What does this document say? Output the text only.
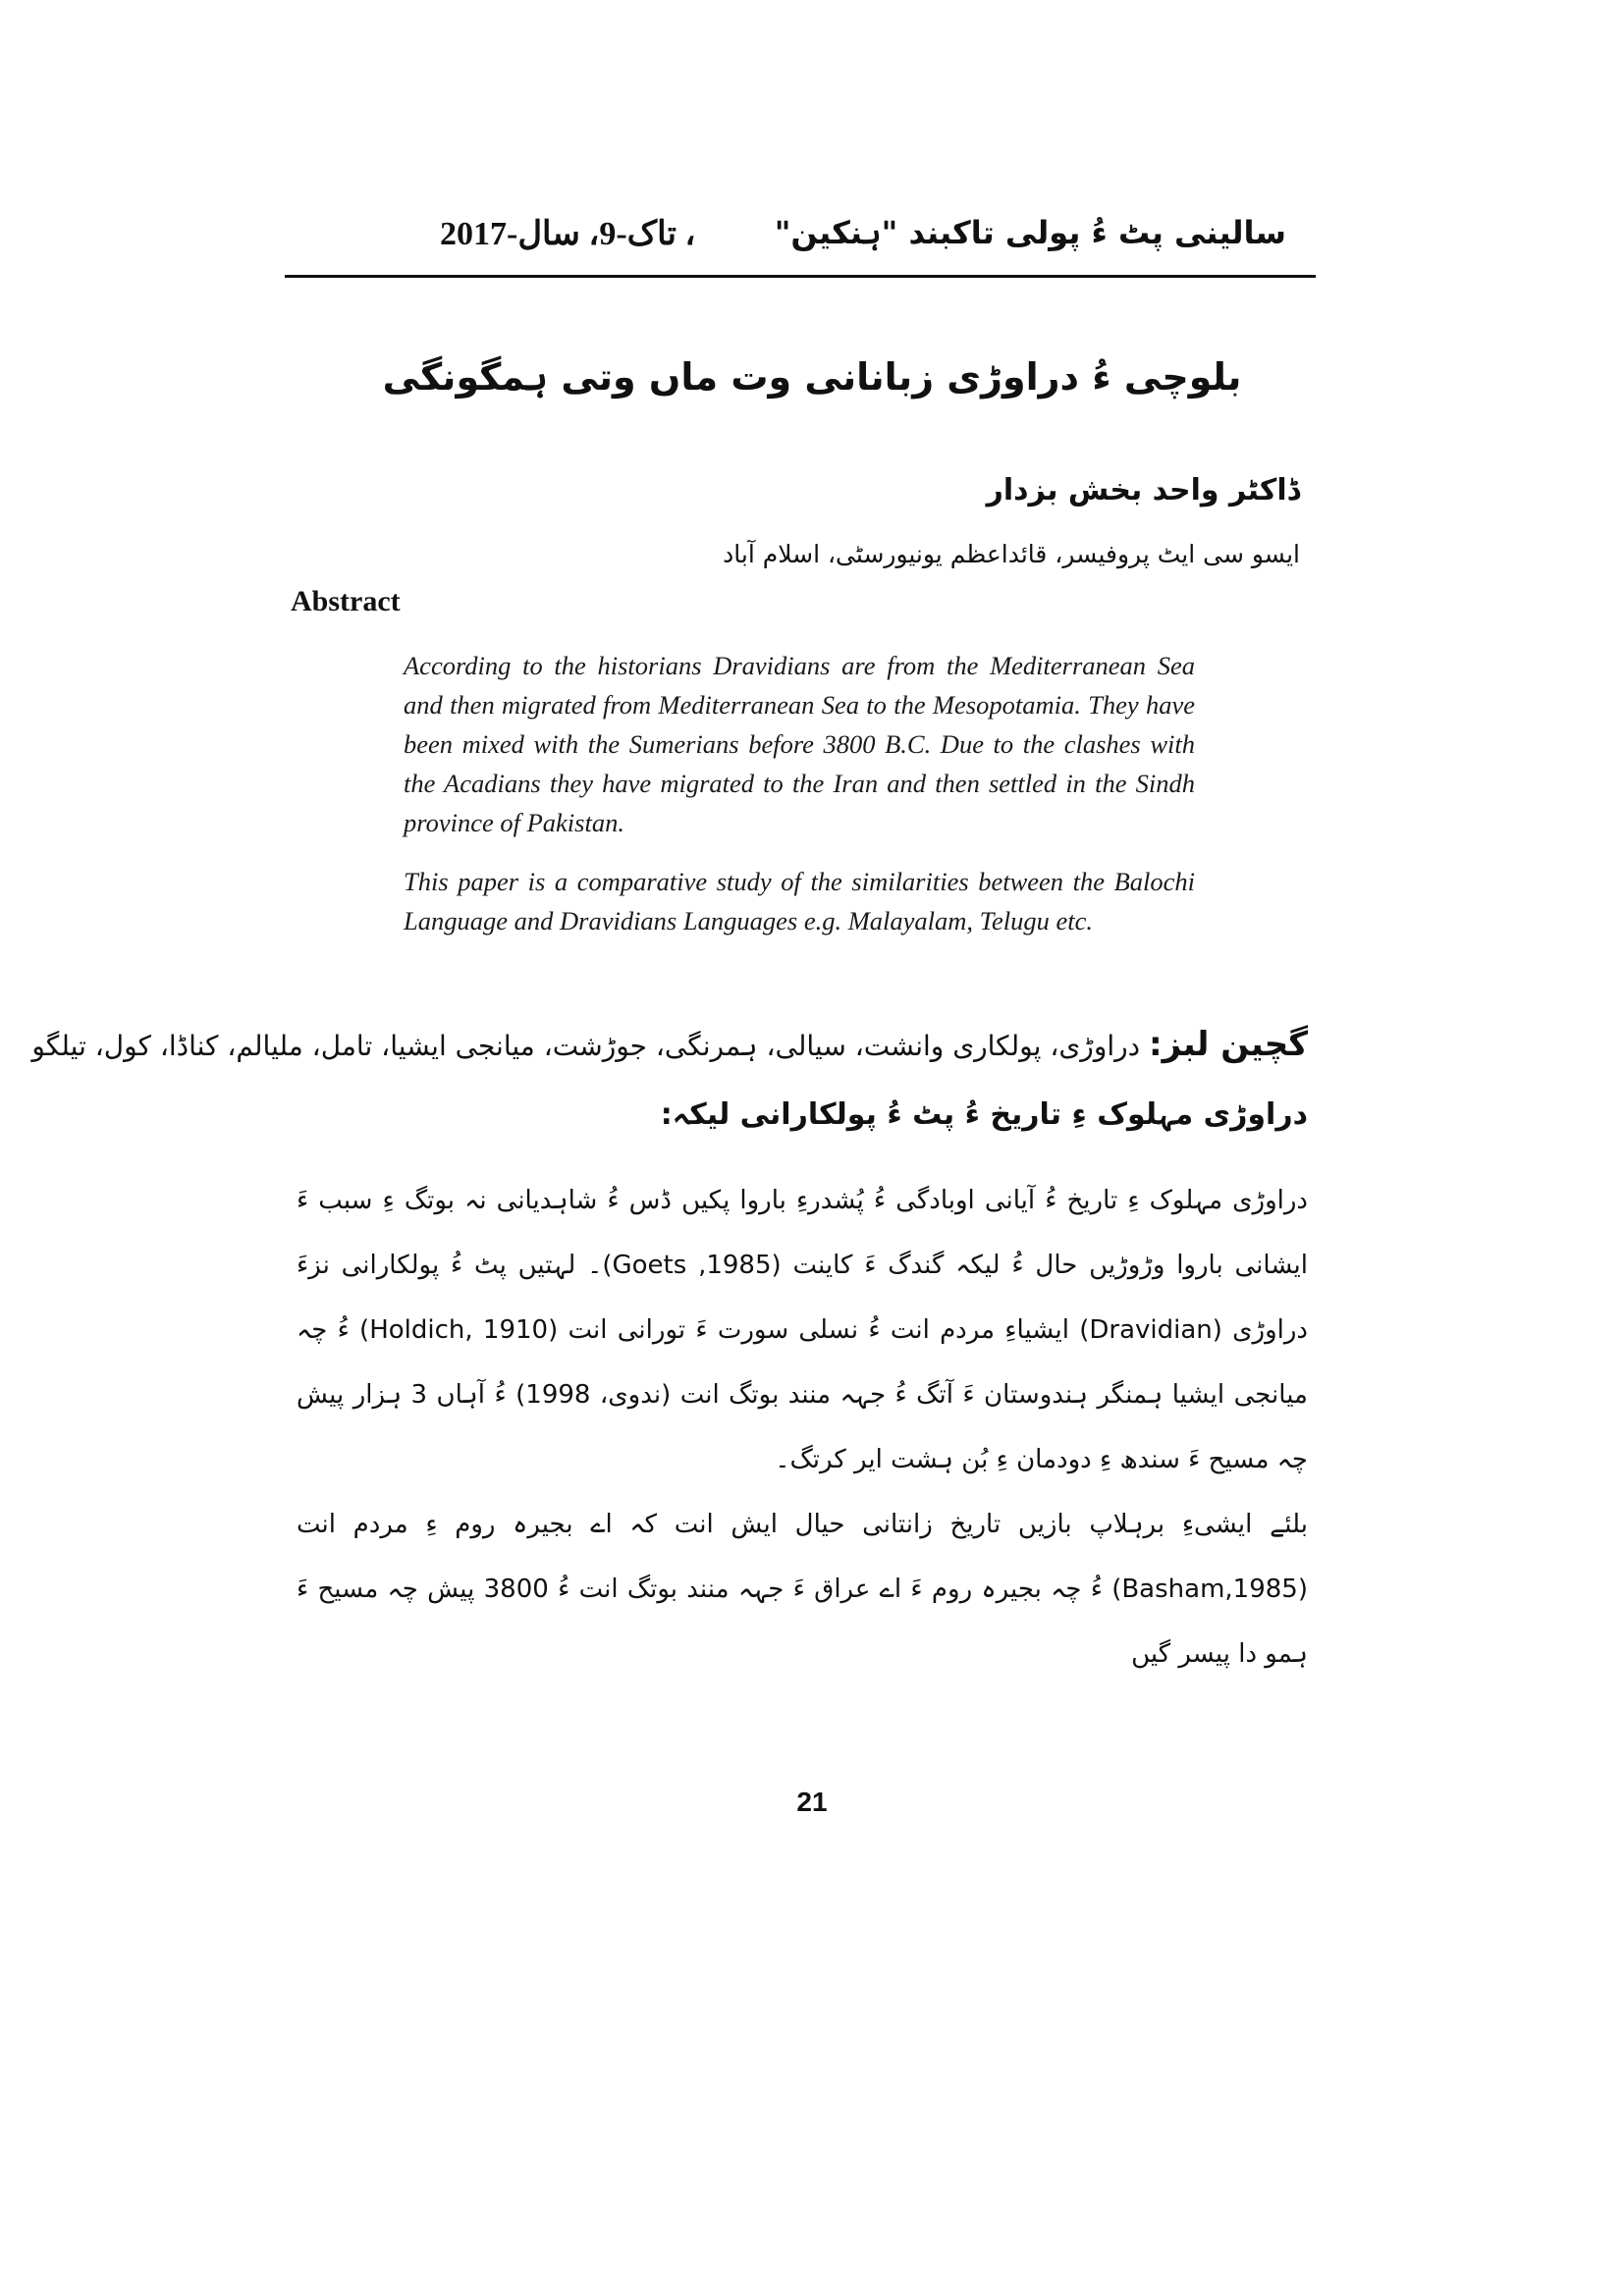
، تاک-9، سال-2017	سالینی پٹ ءُ پولی تاکبند "ہنکین"
بلوچی ءُ دراوڑی زبانانی وت ماں وتی ہمگونگی
ڈاکٹر واحد بخش بزدار
ایسو سی ایٹ پروفیسر، قائداعظم یونیورسٹی، اسلام آباد
Abstract

According to the historians Dravidians are from the Mediterranean Sea and then migrated from Mediterranean Sea to the Mesopotamia. They have been mixed with the Sumerians before 3800 B.C. Due to the clashes with the Acadians they have migrated to the Iran and then settled in the Sindh province of Pakistan.

This paper is a comparative study of the similarities between the Balochi Language and Dravidians Languages e.g. Malayalam, Telugu etc.

گچین لبز: دراوڑی، پولکاری وانشت، سیالی، ہمرنگی، جوڑشت، میانجی ایشیا، تامل، ملیالم، کناڈا، کول، تیلگو
دراوڑی مہلوک ءِ تاریخ ءُ پٹ ءُ پولکارانی لیکہ:

دراوڑی مہلوک ءِ تاریخ ءُ آیانی اوبادگی ءُ پُشدرءِ باروا پکیں ڈس ءُ شاہدیانی نہ بوتگ ءِ سبب ءَ ایشانی باروا وڑوڑیں حال ءُ لیکہ گندگ ءَ کاینت (Goets ,1985)۔ لہتیں پٹ ءُ پولکارانی نزءَ دراوڑی (Dravidian) ایشیاءِ مردم انت ءُ نسلی سورت ءَ تورانی انت (Holdich, 1910) ءُ چہ میانجی ایشیا ہمنگر ہندوستان ءَ آتگ ءُ جہہ منند بوتگ انت (ندوی، 1998) ءُ آہاں 3 ہزار پیش چہ مسیح ءَ سندھ ءِ دودمان ءِ بُن ہشت ایر کرتگ۔

بلئے ایشیءِ برہلاپ بازیں تاریخ زانتانی حیال ایش انت کہ اے بجیرہ روم ءِ مردم انت (Basham,1985) ءُ چہ بجیرہ روم ءَ اے عراق ءَ جہہ منند بوتگ انت ءُ 3800 پیش چہ مسیح ءَ ہمو دا پیسر گیں

21
